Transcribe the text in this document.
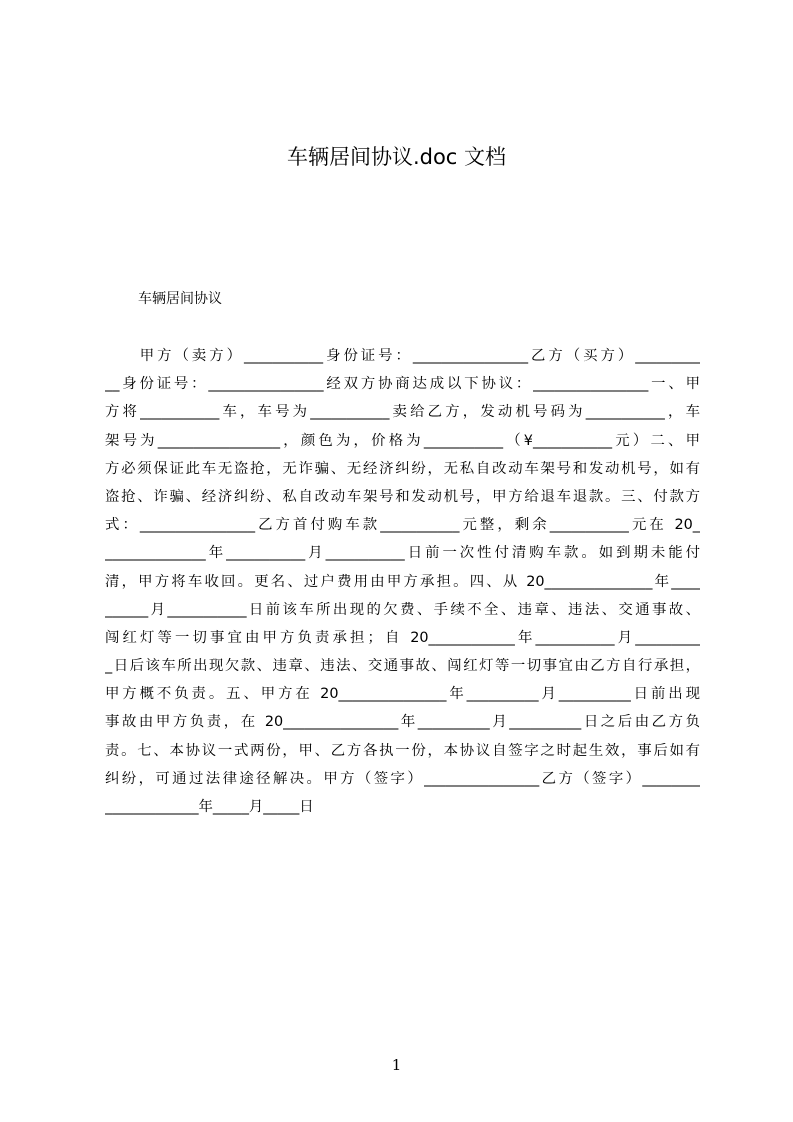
车辆居间协议.doc 文档

车辆居间协议

　　甲方（卖方）___________身份证号：________________乙方（买方）_________
__身份证号：________________经双方协商达成以下协议：________________一、甲
方将___________车，车号为___________卖给乙方，发动机号码为___________，车
架号为_________________，颜色为，价格为___________（¥___________元）二、甲
方必须保证此车无盗抢，无诈骗、无经济纠纷，无私自改动车架号和发动机号，如有
盗抢、诈骗、经济纠纷、私自改动车架号和发动机号，甲方给退车退款。三、付款方
式：________________乙方首付购车款___________元整，剩余___________元在 20_
______________年___________月___________日前一次性付清购车款。如到期未能付
清，甲方将车收回。更名、过户费用由甲方承担。四、从 20_______________年____
______月___________日前该车所出现的欠费、手续不全、违章、违法、交通事故、
闯红灯等一切事宜由甲方负责承担；自 20____________年___________月_________
_日后该车所出现欠款、违章、违法、交通事故、闯红灯等一切事宜由乙方自行承担，
甲方概不负责。五、甲方在 20_______________年__________月__________日前出现
事故由甲方负责，在 20________________年__________月__________日之后由乙方负
责。七、本协议一式两份，甲、乙方各执一份，本协议自签字之时起生效，事后如有
纠纷，可通过法律途径解决。甲方（签字）________________乙方（签字）________
_____________年_____月_____日
1
